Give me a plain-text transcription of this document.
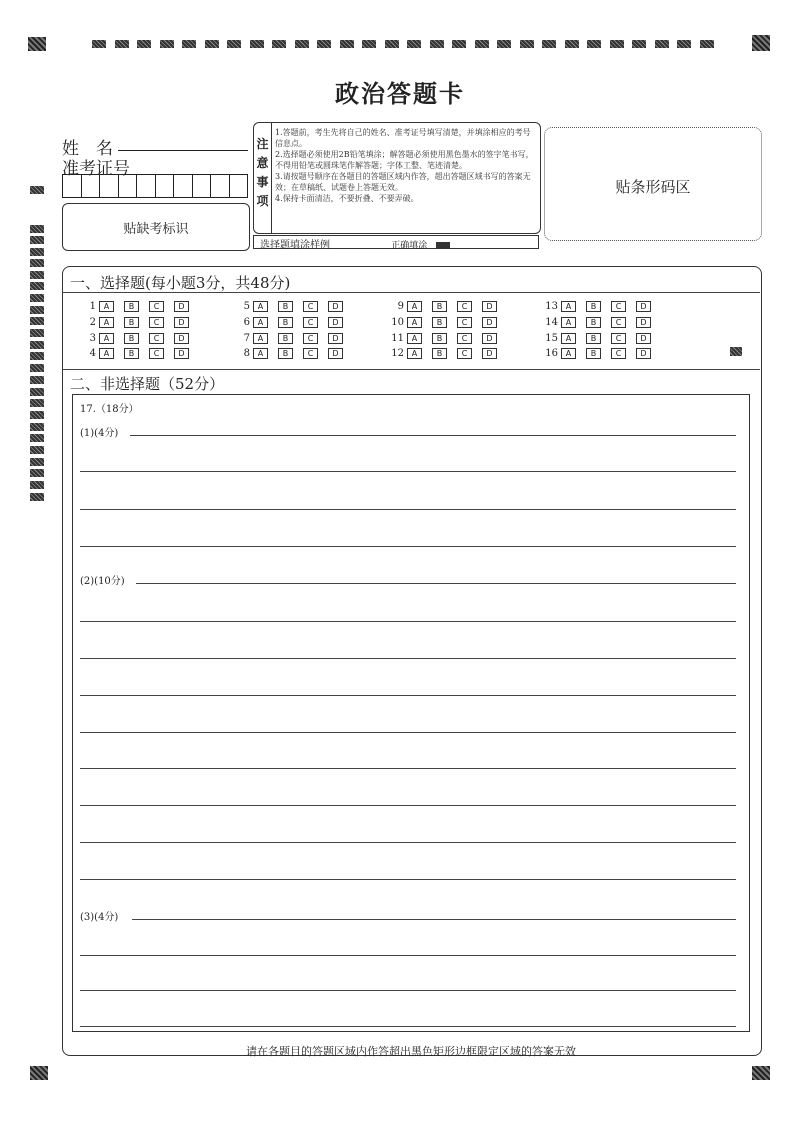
政治答题卡
姓　名
准考证号
贴缺考标识
注
意
事
项

1.答题前，考生先将自己的姓名、准考证号填写清楚，并填涂相应的考号信息点。

2.选择题必须使用2B铅笔填涂；解答题必须使用黑色墨水的签字笔书写，不得用铅笔或圆珠笔作解答题；字体工整、笔迹清楚。

3.请按题号顺序在各题目的答题区域内作答，超出答题区域书写的答案无效；在草稿纸、试题卷上答题无效。

4.保持卡面清洁，不要折叠、不要弄破。

选择题填涂样例	正确填涂
贴条形码区
一、选择题(每小题3分，共48分)
1 A	B	C	D
2 A	B	C	D
3 A	B	C	D
4 A	B	C	D
5 A	B	C	D
6 A	B	C	D
7 A	B	C	D
8 A	B	C	D
9 A	B	C	D
10 A	B	C	D
11 A	B	C	D
12 A	B	C	D
13 A	B	C	D
14 A	B	C	D
15 A	B	C	D
16 A	B	C	D
二、非选择题（52分）
17.（18分）
(1)(4分)
(2)(10分)
(3)(4分)
请在各题目的答题区域内作答超出黑色矩形边框限定区域的答案无效
